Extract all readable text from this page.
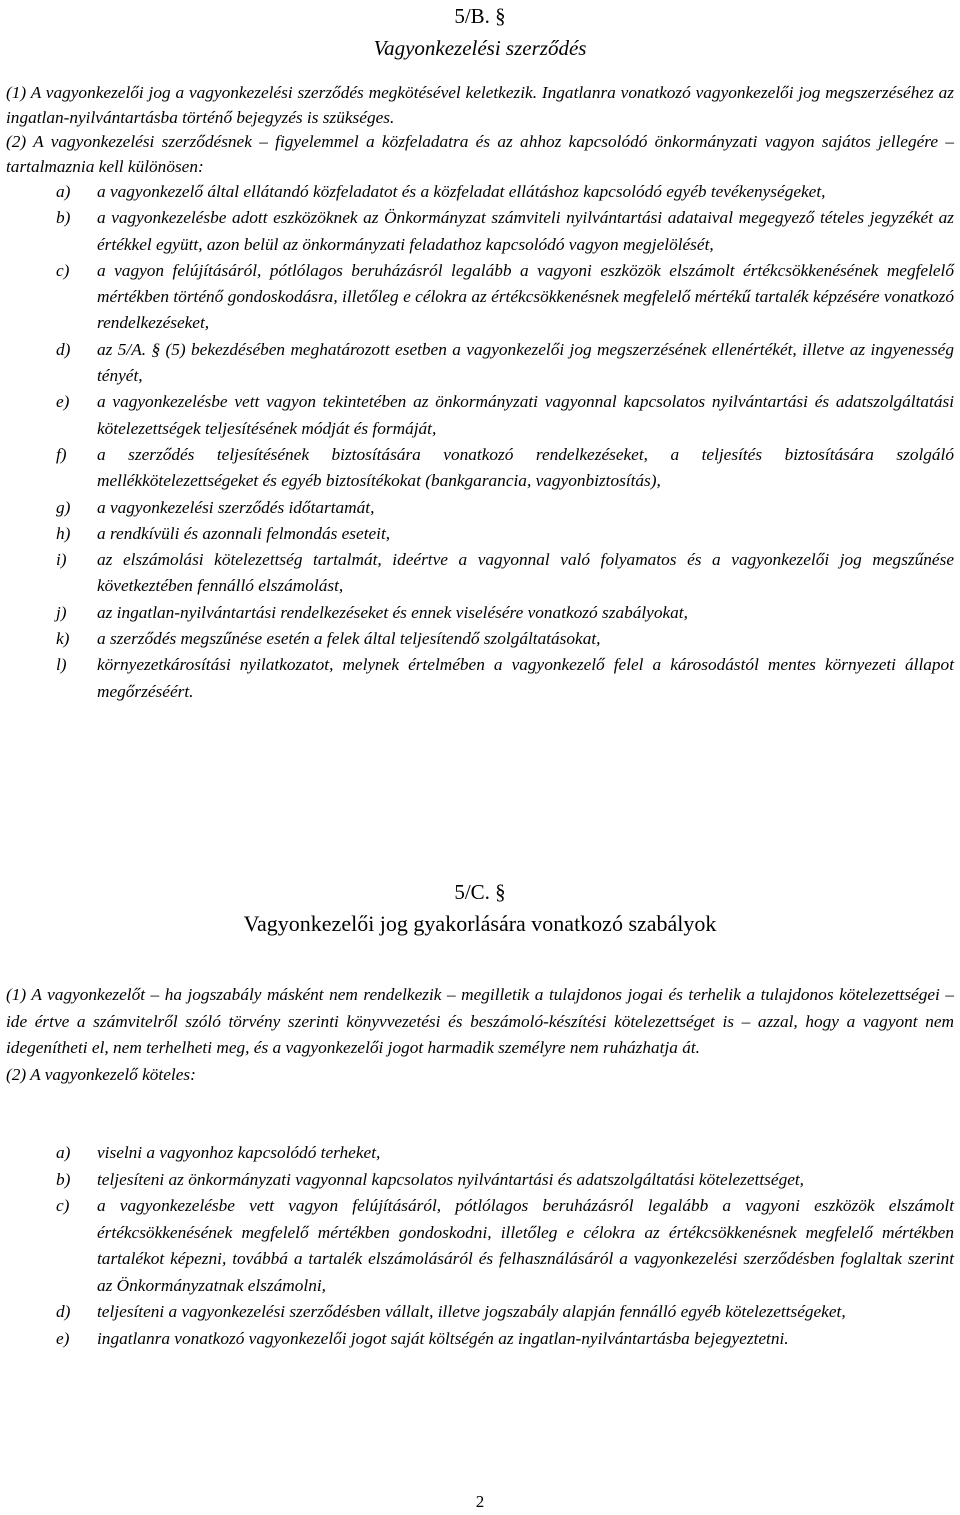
5/B. §
Vagyonkezelési szerződés

(1) A vagyonkezelői jog a vagyonkezelési szerződés megkötésével keletkezik. Ingatlanra vonatkozó vagyonkezelői jog megszerzéséhez az ingatlan-nyilvántartásba történő bejegyzés is szükséges.

(2) A vagyonkezelési szerződésnek – figyelemmel a közfeladatra és az ahhoz kapcsolódó önkormányzati vagyon sajátos jellegére – tartalmaznia kell különösen:

a) a vagyonkezelő által ellátandó közfeladatot és a közfeladat ellátáshoz kapcsolódó egyéb tevékenységeket,
b) a vagyonkezelésbe adott eszközöknek az Önkormányzat számviteli nyilvántartási adataival megegyező tételes jegyzékét az értékkel együtt, azon belül az önkormányzati feladathoz kapcsolódó vagyon megjelölését,
c) a vagyon felújításáról, pótlólagos beruházásról legalább a vagyoni eszközök elszámolt értékcsökkenésének megfelelő mértékben történő gondoskodásra, illetőleg e célokra az értékcsökkenésnek megfelelő mértékű tartalék képzésére vonatkozó rendelkezéseket,
d) az 5/A. § (5) bekezdésében meghatározott esetben a vagyonkezelői jog megszerzésének ellenértékét, illetve az ingyenesség tényét,
e) a vagyonkezelésbe vett vagyon tekintetében az önkormányzati vagyonnal kapcsolatos nyilvántartási és adatszolgáltatási kötelezettségek teljesítésének módját és formáját,
f) a szerződés teljesítésének biztosítására vonatkozó rendelkezéseket, a teljesítés biztosítására szolgáló mellékkötelezettségeket és egyéb biztosítékokat (bankgarancia, vagyonbiztosítás),
g) a vagyonkezelési szerződés időtartamát,
h) a rendkívüli és azonnali felmondás eseteit,
i) az elszámolási kötelezettség tartalmát, ideértve a vagyonnal való folyamatos és a vagyonkezelői jog megszűnése következtében fennálló elszámolást,
j) az ingatlan-nyilvántartási rendelkezéseket és ennek viselésére vonatkozó szabályokat,
k) a szerződés megszűnése esetén a felek által teljesítendő szolgáltatásokat,
l) környezetkárosítási nyilatkozatot, melynek értelmében a vagyonkezelő felel a károsodástól mentes környezeti állapot megőrzéséért.
5/C. §
Vagyonkezelői jog gyakorlására vonatkozó szabályok

(1) A vagyonkezelőt – ha jogszabály másként nem rendelkezik – megilletik a tulajdonos jogai és terhelik a tulajdonos kötelezettségei – ide értve a számvitelről szóló törvény szerinti könyvvezetési és beszámoló-készítési kötelezettséget is – azzal, hogy a vagyont nem idegenítheti el, nem terhelheti meg, és a vagyonkezelői jogot harmadik személyre nem ruházhatja át.

(2) A vagyonkezelő köteles:

a) viselni a vagyonhoz kapcsolódó terheket,
b) teljesíteni az önkormányzati vagyonnal kapcsolatos nyilvántartási és adatszolgáltatási kötelezettséget,
c) a vagyonkezelésbe vett vagyon felújításáról, pótlólagos beruházásról legalább a vagyoni eszközök elszámolt értékcsökkenésének megfelelő mértékben gondoskodni, illetőleg e célokra az értékcsökkenésnek megfelelő mértékben tartalékot képezni, továbbá a tartalék elszámolásáról és felhasználásáról a vagyonkezelési szerződésben foglaltak szerint az Önkormányzatnak elszámolni,
d) teljesíteni a vagyonkezelési szerződésben vállalt, illetve jogszabály alapján fennálló egyéb kötelezettségeket,
e) ingatlanra vonatkozó vagyonkezelői jogot saját költségén az ingatlan-nyilvántartásba bejegyeztetni.
2
